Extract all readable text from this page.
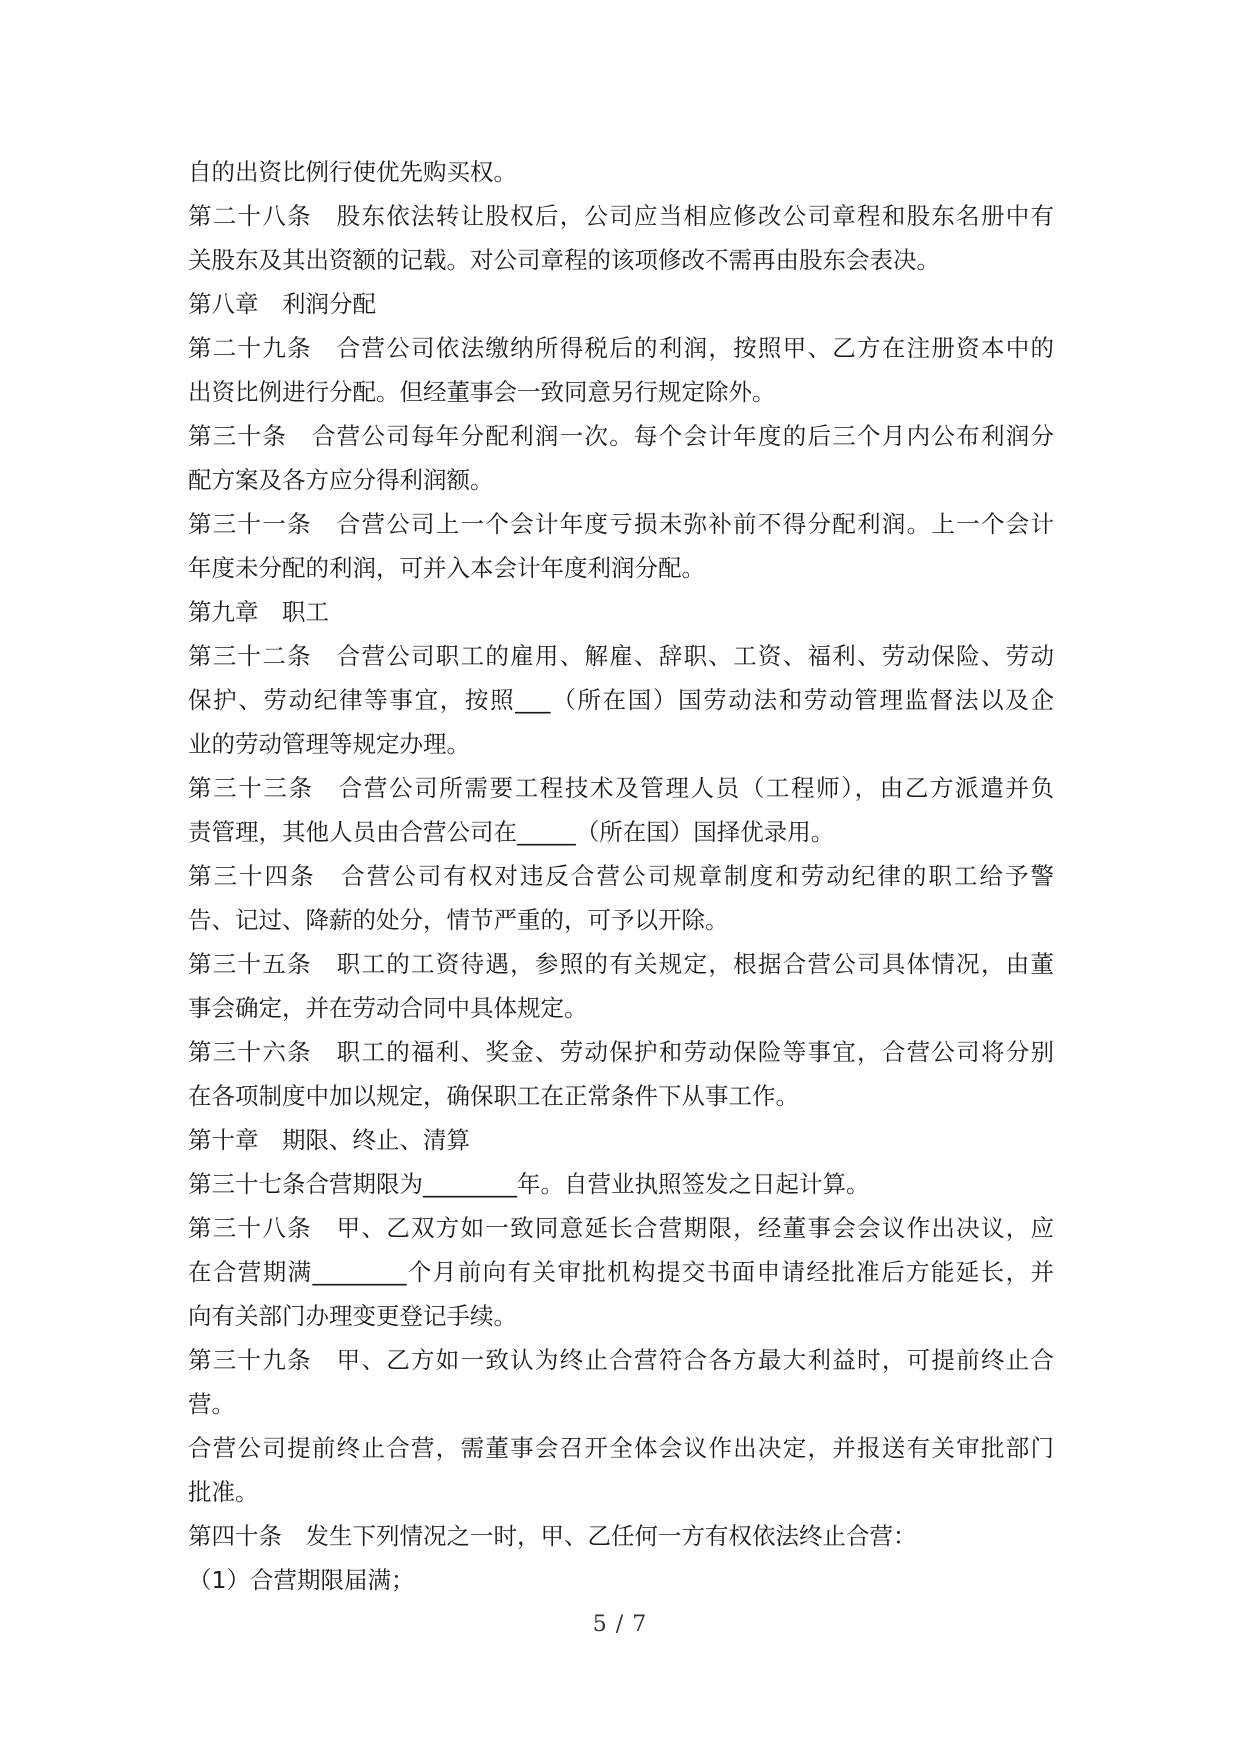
自的出资比例行使优先购买权。
第二十八条　股东依法转让股权后，公司应当相应修改公司章程和股东名册中有
关股东及其出资额的记载。对公司章程的该项修改不需再由股东会表决。
第八章　利润分配
第二十九条　合营公司依法缴纳所得税后的利润，按照甲、乙方在注册资本中的
出资比例进行分配。但经董事会一致同意另行规定除外。
第三十条　合营公司每年分配利润一次。每个会计年度的后三个月内公布利润分
配方案及各方应分得利润额。
第三十一条　合营公司上一个会计年度亏损未弥补前不得分配利润。上一个会计
年度未分配的利润，可并入本会计年度利润分配。
第九章　职工
第三十二条　合营公司职工的雇用、解雇、辞职、工资、福利、劳动保险、劳动
保护、劳动纪律等事宜，按照___（所在国）国劳动法和劳动管理监督法以及企
业的劳动管理等规定办理。
第三十三条　合营公司所需要工程技术及管理人员（工程师），由乙方派遣并负
责管理，其他人员由合营公司在_____（所在国）国择优录用。
第三十四条　合营公司有权对违反合营公司规章制度和劳动纪律的职工给予警
告、记过、降薪的处分，情节严重的，可予以开除。
第三十五条　职工的工资待遇，参照的有关规定，根据合营公司具体情况，由董
事会确定，并在劳动合同中具体规定。
第三十六条　职工的福利、奖金、劳动保护和劳动保险等事宜，合营公司将分别
在各项制度中加以规定，确保职工在正常条件下从事工作。
第十章　期限、终止、清算
第三十七条合营期限为________年。自营业执照签发之日起计算。
第三十八条　甲、乙双方如一致同意延长合营期限，经董事会会议作出决议，应
在合营期满________个月前向有关审批机构提交书面申请经批准后方能延长，并
向有关部门办理变更登记手续。
第三十九条　甲、乙方如一致认为终止合营符合各方最大利益时，可提前终止合
营。
合营公司提前终止合营，需董事会召开全体会议作出决定，并报送有关审批部门
批准。
第四十条　发生下列情况之一时，甲、乙任何一方有权依法终止合营：
（1）合营期限届满；
5 / 7
